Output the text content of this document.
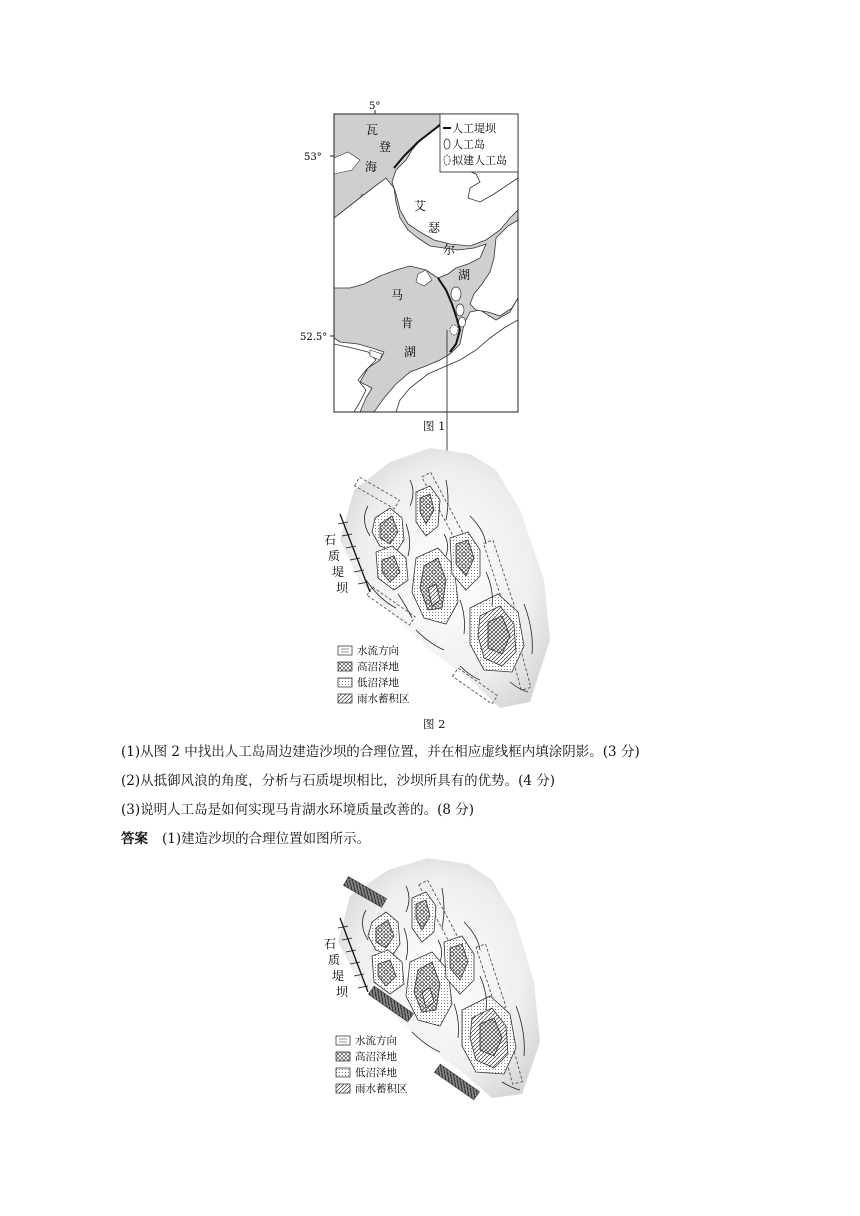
5°
53°
52.5°
人工堤坝
人工岛
拟建人工岛
瓦
登
海
艾
瑟
尔
湖
马
肯
湖
图 1
石
质
堤
坝
水流方向
高沼泽地
低沼泽地
雨水蓄积区
图 2
(1)从图 2 中找出人工岛周边建造沙坝的合理位置，并在相应虚线框内填涂阴影。(3 分)
(2)从抵御风浪的角度，分析与石质堤坝相比，沙坝所具有的优势。(4 分)
(3)说明人工岛是如何实现马肯湖水环境质量改善的。(8 分)
答案 (1)建造沙坝的合理位置如图所示。
石
质
堤
坝
水流方向
高沼泽地
低沼泽地
雨水蓄积区
